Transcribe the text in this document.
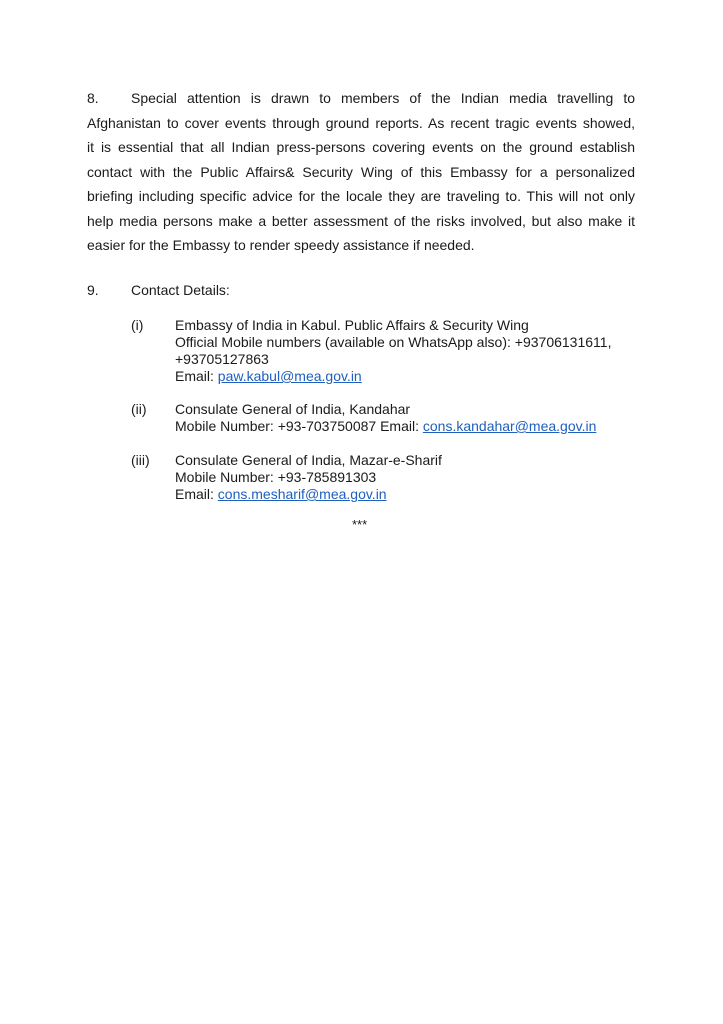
8. Special attention is drawn to members of the Indian media travelling to
Afghanistan to cover events through ground reports. As recent tragic events showed,
it is essential that all Indian press-persons covering events on the ground establish
contact with the Public Affairs& Security Wing of this Embassy for a personalized
briefing including specific advice for the locale they are traveling to. This will not only
help media persons make a better assessment of the risks involved, but also make it
easier for the Embassy to render speedy assistance if needed.
9. Contact Details:
(i) Embassy of India in Kabul. Public Affairs & Security Wing
Official Mobile numbers (available on WhatsApp also): +93706131611,
+93705127863
Email: paw.kabul@mea.gov.in
(ii) Consulate General of India, Kandahar
Mobile Number: +93-703750087 Email: cons.kandahar@mea.gov.in
(iii) Consulate General of India, Mazar-e-Sharif
Mobile Number: +93-785891303
Email: cons.mesharif@mea.gov.in
***
